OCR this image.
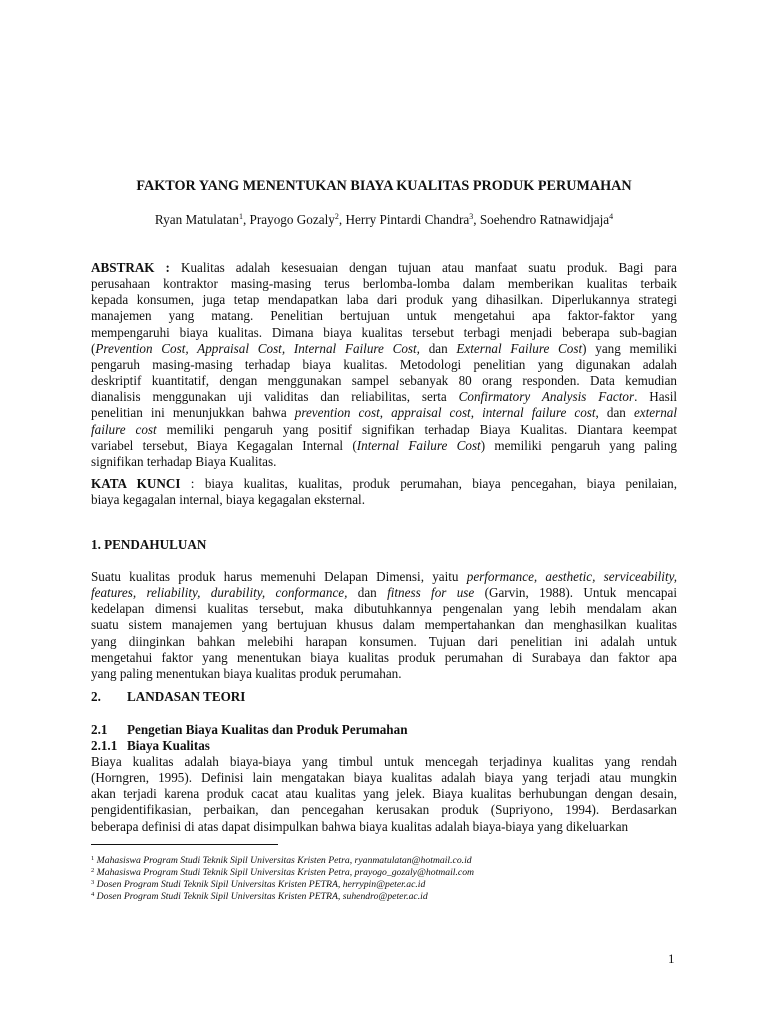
FAKTOR YANG MENENTUKAN BIAYA KUALITAS PRODUK PERUMAHAN
Ryan Matulatan$^1$, Prayogo Gozaly$^2$, Herry Pintardi Chandra$^3$, Soehendro Ratnawidjaja$^4$
ABSTRAK : Kualitas adalah kesesuaian dengan tujuan atau manfaat suatu produk. Bagi para
perusahaan kontraktor masing-masing terus berlomba-lomba dalam memberikan kualitas terbaik
kepada konsumen, juga tetap mendapatkan laba dari produk yang dihasilkan. Diperlukannya strategi
manajemen yang matang. Penelitian bertujuan untuk mengetahui apa faktor-faktor yang
mempengaruhi biaya kualitas. Dimana biaya kualitas tersebut terbagi menjadi beberapa sub-bagian
(Prevention Cost, Appraisal Cost, Internal Failure Cost, dan External Failure Cost) yang memiliki
pengaruh masing-masing terhadap biaya kualitas. Metodologi penelitian yang digunakan adalah
deskriptif kuantitatif, dengan menggunakan sampel sebanyak 80 orang responden. Data kemudian
dianalisis menggunakan uji validitas dan reliabilitas, serta Confirmatory Analysis Factor. Hasil
penelitian ini menunjukkan bahwa prevention cost, appraisal cost, internal failure cost, dan external
failure cost memiliki pengaruh yang positif signifikan terhadap Biaya Kualitas. Diantara keempat
variabel tersebut, Biaya Kegagalan Internal (Internal Failure Cost) memiliki pengaruh yang paling
signifikan terhadap Biaya Kualitas.
KATA KUNCI : biaya kualitas, kualitas, produk perumahan, biaya pencegahan, biaya penilaian,
biaya kegagalan internal, biaya kegagalan eksternal.
1. PENDAHULUAN
Suatu kualitas produk harus memenuhi Delapan Dimensi, yaitu performance, aesthetic, serviceability,
features, reliability, durability, conformance, dan fitness for use (Garvin, 1988). Untuk mencapai
kedelapan dimensi kualitas tersebut, maka dibutuhkannya pengenalan yang lebih mendalam akan
suatu sistem manajemen yang bertujuan khusus dalam mempertahankan dan menghasilkan kualitas
yang diinginkan bahkan melebihi harapan konsumen. Tujuan dari penelitian ini adalah untuk
mengetahui faktor yang menentukan biaya kualitas produk perumahan di Surabaya dan faktor apa
yang paling menentukan biaya kualitas produk perumahan.
2. LANDASAN TEORI
2.1 Pengetian Biaya Kualitas dan Produk Perumahan
2.1.1 Biaya Kualitas
Biaya kualitas adalah biaya-biaya yang timbul untuk mencegah terjadinya kualitas yang rendah
(Horngren, 1995). Definisi lain mengatakan biaya kualitas adalah biaya yang terjadi atau mungkin
akan terjadi karena produk cacat atau kualitas yang jelek. Biaya kualitas berhubungan dengan desain,
pengidentifikasian, perbaikan, dan pencegahan kerusakan produk (Supriyono, 1994). Berdasarkan
beberapa definisi di atas dapat disimpulkan bahwa biaya kualitas adalah biaya-biaya yang dikeluarkan
$^1$ Mahasiswa Program Studi Teknik Sipil Universitas Kristen Petra, ryanmatulatan@hotmail.co.id
$^2$ Mahasiswa Program Studi Teknik Sipil Universitas Kristen Petra, prayogo_gozaly@hotmail.com
$^3$ Dosen Program Studi Teknik Sipil Universitas Kristen PETRA, herrypin@peter.ac.id
$^4$ Dosen Program Studi Teknik Sipil Universitas Kristen PETRA, suhendro@peter.ac.id
1
